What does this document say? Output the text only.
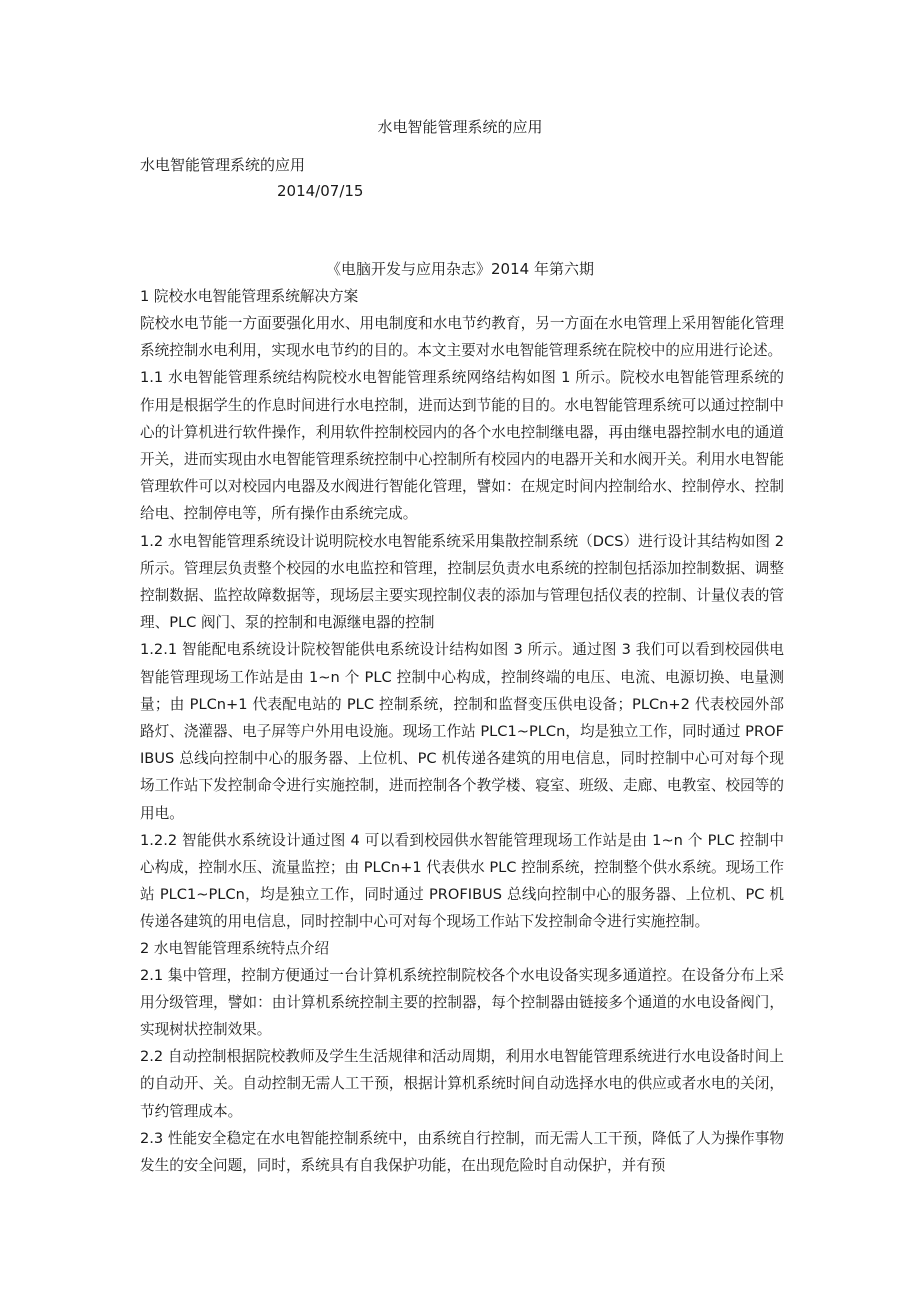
水电智能管理系统的应用
水电智能管理系统的应用
2014/07/15
《电脑开发与应用杂志》2014 年第六期

1 院校水电智能管理系统解决方案

院校水电节能一方面要强化用水、用电制度和水电节约教育，另一方面在水电管理上采用智能化管理系统控制水电利用，实现水电节约的目的。本文主要对水电智能管理系统在院校中的应用进行论述。

1.1 水电智能管理系统结构院校水电智能管理系统网络结构如图 1 所示。院校水电智能管理系统的作用是根据学生的作息时间进行水电控制，进而达到节能的目的。水电智能管理系统可以通过控制中心的计算机进行软件操作，利用软件控制校园内的各个水电控制继电器，再由继电器控制水电的通道开关，进而实现由水电智能管理系统控制中心控制所有校园内的电器开关和水阀开关。利用水电智能管理软件可以对校园内电器及水阀进行智能化管理，譬如：在规定时间内控制给水、控制停水、控制给电、控制停电等，所有操作由系统完成。

1.2 水电智能管理系统设计说明院校水电智能系统采用集散控制系统（DCS）进行设计其结构如图 2 所示。管理层负责整个校园的水电监控和管理，控制层负责水电系统的控制包括添加控制数据、调整控制数据、监控故障数据等，现场层主要实现控制仪表的添加与管理包括仪表的控制、计量仪表的管理、PLC 阀门、泵的控制和电源继电器的控制

1.2.1 智能配电系统设计院校智能供电系统设计结构如图 3 所示。通过图 3 我们可以看到校园供电智能管理现场工作站是由 1~n 个 PLC 控制中心构成，控制终端的电压、电流、电源切换、电量测量；由 PLCn+1 代表配电站的 PLC 控制系统，控制和监督变压供电设备；PLCn+2 代表校园外部路灯、浇灌器、电子屏等户外用电设施。现场工作站 PLC1~PLCn，均是独立工作，同时通过 PROFIBUS 总线向控制中心的服务器、上位机、PC 机传递各建筑的用电信息，同时控制中心可对每个现场工作站下发控制命令进行实施控制，进而控制各个教学楼、寝室、班级、走廊、电教室、校园等的用电。

1.2.2 智能供水系统设计通过图 4 可以看到校园供水智能管理现场工作站是由 1~n 个 PLC 控制中心构成，控制水压、流量监控；由 PLCn+1 代表供水 PLC 控制系统，控制整个供水系统。现场工作站 PLC1~PLCn，均是独立工作，同时通过 PROFIBUS 总线向控制中心的服务器、上位机、PC 机传递各建筑的用电信息，同时控制中心可对每个现场工作站下发控制命令进行实施控制。

2 水电智能管理系统特点介绍

2.1 集中管理，控制方便通过一台计算机系统控制院校各个水电设备实现多通道控。在设备分布上采用分级管理，譬如：由计算机系统控制主要的控制器，每个控制器由链接多个通道的水电设备阀门，实现树状控制效果。

2.2 自动控制根据院校教师及学生生活规律和活动周期，利用水电智能管理系统进行水电设备时间上的自动开、关。自动控制无需人工干预，根据计算机系统时间自动选择水电的供应或者水电的关闭，节约管理成本。

2.3 性能安全稳定在水电智能控制系统中，由系统自行控制，而无需人工干预，降低了人为操作事物发生的安全问题，同时，系统具有自我保护功能，在出现危险时自动保护，并有预
